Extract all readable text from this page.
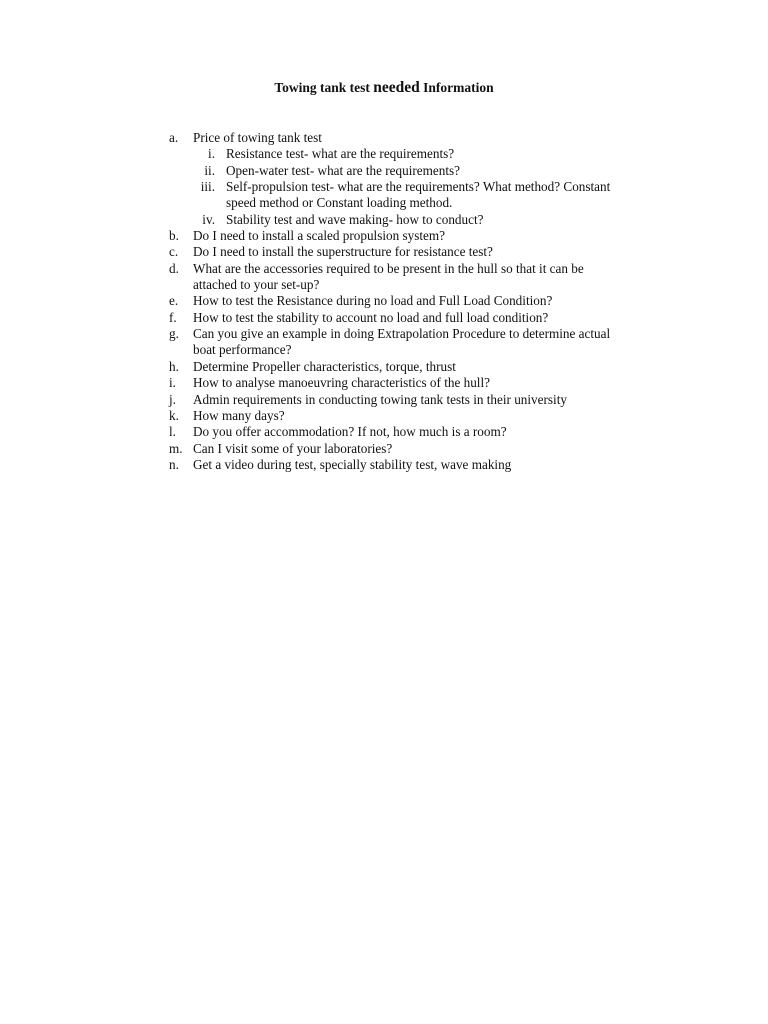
Towing tank test needed Information
a. Price of towing tank test
i. Resistance test- what are the requirements?
ii. Open-water test- what are the requirements?
iii. Self-propulsion test- what are the requirements? What method? Constant
speed method or Constant loading method.
iv. Stability test and wave making- how to conduct?
b. Do I need to install a scaled propulsion system?
c. Do I need to install the superstructure for resistance test?
d. What are the accessories required to be present in the hull so that it can be
attached to your set-up?
e. How to test the Resistance during no load and Full Load Condition?
f. How to test the stability to account no load and full load condition?
g. Can you give an example in doing Extrapolation Procedure to determine actual
boat performance?
h. Determine Propeller characteristics, torque, thrust
i. How to analyse manoeuvring characteristics of the hull?
j. Admin requirements in conducting towing tank tests in their university
k. How many days?
l. Do you offer accommodation? If not, how much is a room?
m. Can I visit some of your laboratories?
n. Get a video during test, specially stability test, wave making
